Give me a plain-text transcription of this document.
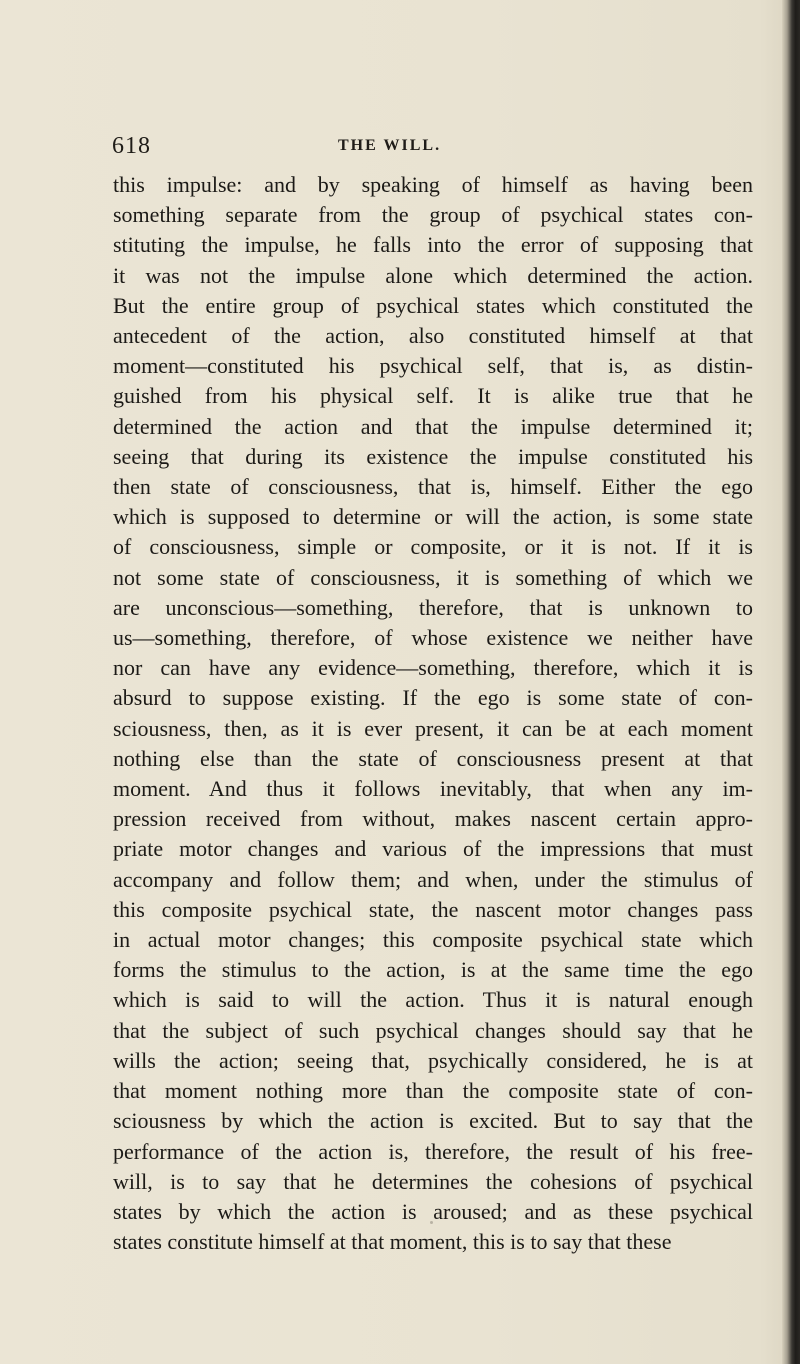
618	THE WILL.
this impulse: and by speaking of himself as having been
something separate from the group of psychical states con-
stituting the impulse, he falls into the error of supposing that
it was not the impulse alone which determined the action.
But the entire group of psychical states which constituted the
antecedent of the action, also constituted himself at that
moment—constituted his psychical self, that is, as distin-
guished from his physical self. It is alike true that he
determined the action and that the impulse determined it;
seeing that during its existence the impulse constituted his
then state of consciousness, that is, himself. Either the ego
which is supposed to determine or will the action, is some state
of consciousness, simple or composite, or it is not. If it is
not some state of consciousness, it is something of which we
are unconscious—something, therefore, that is unknown to
us—something, therefore, of whose existence we neither have
nor can have any evidence—something, therefore, which it is
absurd to suppose existing. If the ego is some state of con-
sciousness, then, as it is ever present, it can be at each moment
nothing else than the state of consciousness present at that
moment. And thus it follows inevitably, that when any im-
pression received from without, makes nascent certain appro-
priate motor changes and various of the impressions that must
accompany and follow them; and when, under the stimulus of
this composite psychical state, the nascent motor changes pass
in actual motor changes; this composite psychical state which
forms the stimulus to the action, is at the same time the ego
which is said to will the action. Thus it is natural enough
that the subject of such psychical changes should say that he
wills the action; seeing that, psychically considered, he is at
that moment nothing more than the composite state of con-
sciousness by which the action is excited. But to say that the
performance of the action is, therefore, the result of his free-
will, is to say that he determines the cohesions of psychical
states by which the action is aroused; and as these psychical
states constitute himself at that moment, this is to say that these
